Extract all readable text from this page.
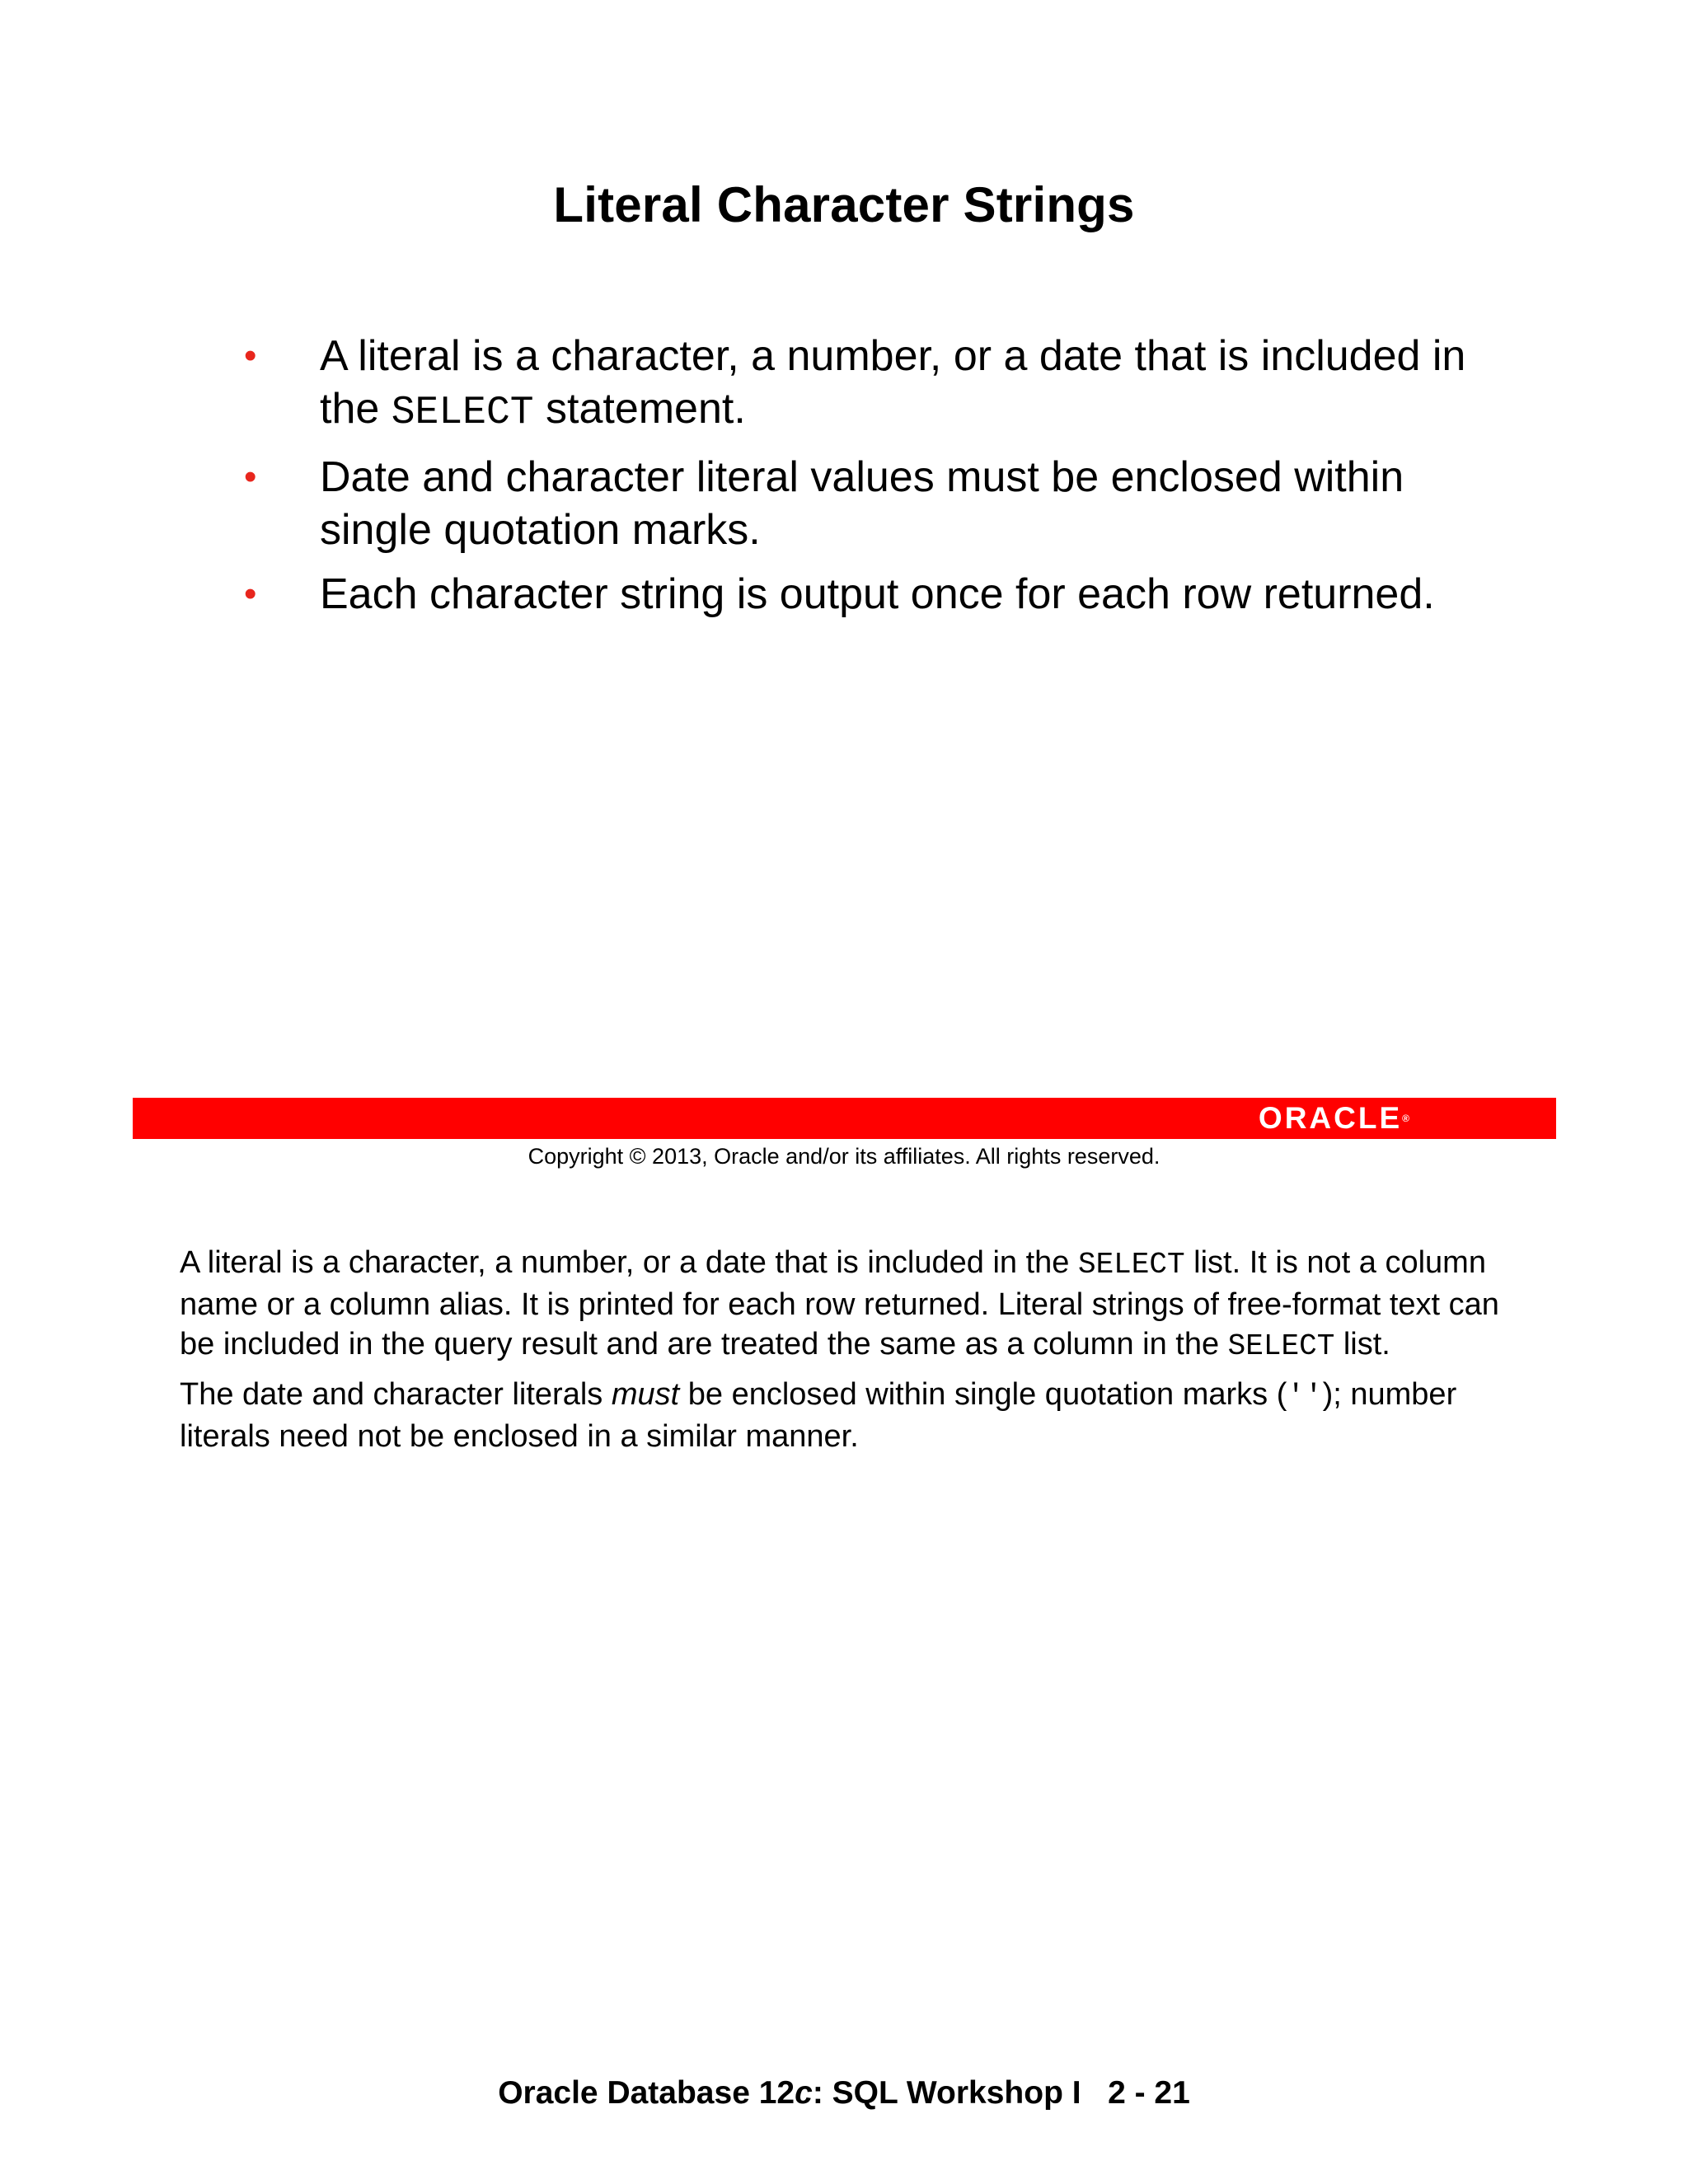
Literal Character Strings
• A literal is a character, a number, or a date that is included in the SELECT statement.
• Date and character literal values must be enclosed within single quotation marks.
• Each character string is output once for each row returned.
ORACLE®
Copyright © 2013, Oracle and/or its affiliates. All rights reserved.

A literal is a character, a number, or a date that is included in the SELECT list. It is not a column name or a column alias. It is printed for each row returned. Literal strings of free-format text can be included in the query result and are treated the same as a column in the SELECT list.

The date and character literals must be enclosed within single quotation marks (''); number literals need not be enclosed in a similar manner.

Oracle Database 12c: SQL Workshop I   2 - 21
